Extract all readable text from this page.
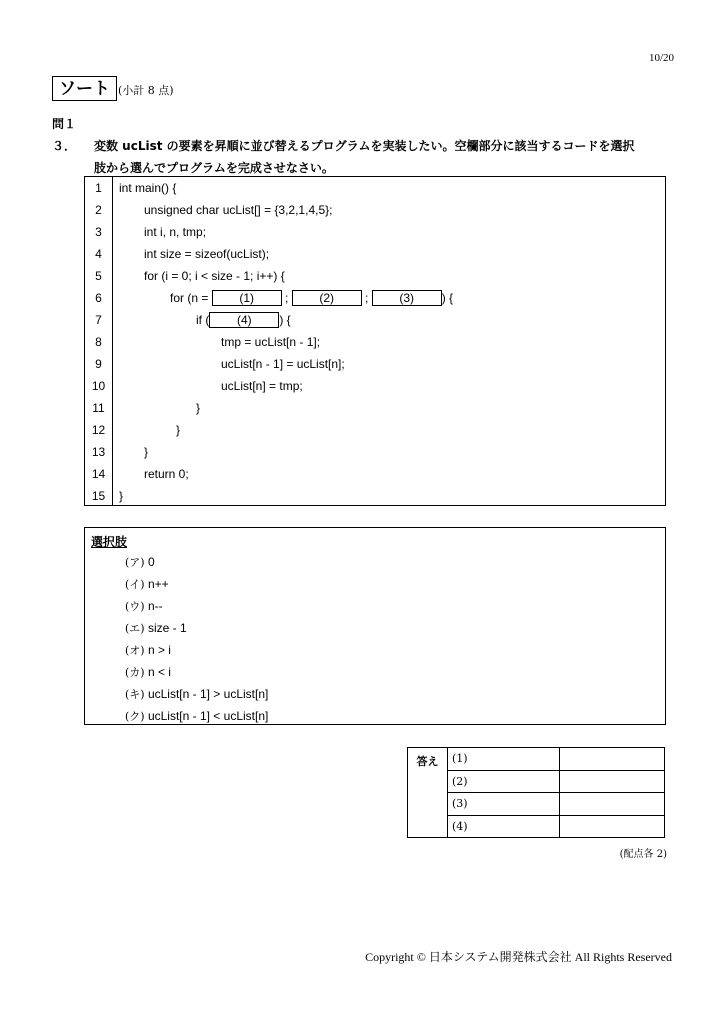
10/20
ソート (小計 8 点)
問１３． 変数 ucList の要素を昇順に並び替えるプログラムを実装したい。空欄部分に該当するコードを選択
肢から選んでプログラムを完成させなさい。
1	int main() {
2	unsigned char ucList[] = {3,2,1,4,5};
3	int i, n, tmp;
4	int size = sizeof(ucList);
5	for (i = 0; i < size - 1; i++) {
6	for (n = (1)	;	(2)	;	(3) ) {
7	if ( (4) ) {
8	tmp = ucList[n - 1];
9	ucList[n - 1] = ucList[n];
10	ucList[n] = tmp;
11	}
12	}
13	}
14	return 0;
15	}
選択肢
(ア) 0
(イ) n++
(ウ) n--
(エ) size - 1
(オ) n > i
(カ) n < i
(キ) ucList[n - 1] > ucList[n]
(ク) ucList[n - 1] < ucList[n]
答え	(1)	
	(2)	
	(3)	
	(4)	
(配点各 2)
Copyright © 日本システム開発株式会社 All Rights Reserved
